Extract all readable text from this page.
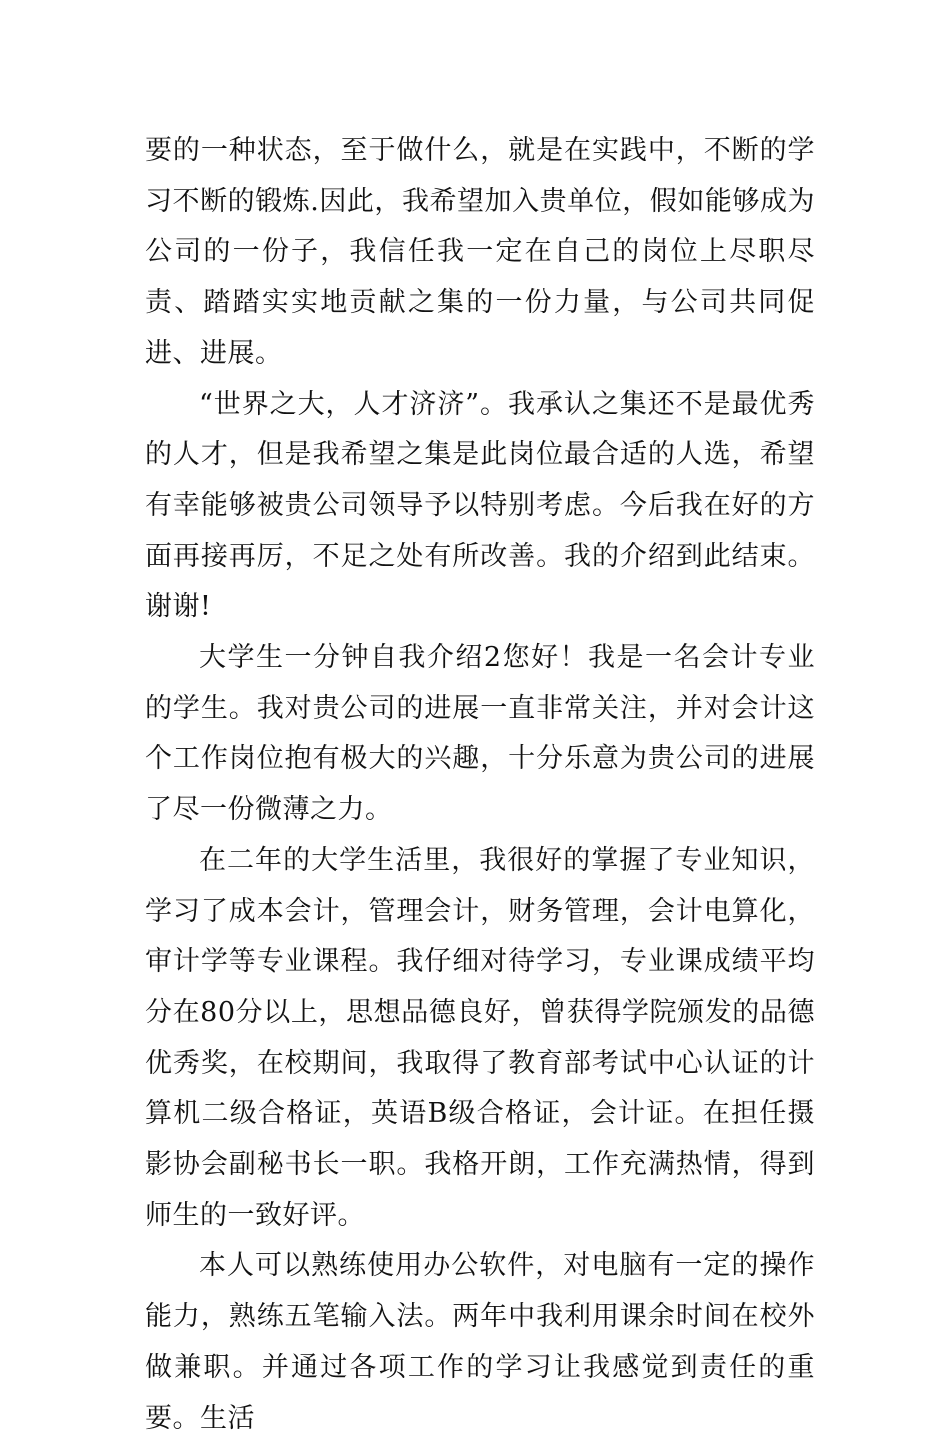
要的一种状态，至于做什么，就是在实践中，不断的学习不断的锻炼.因此，我希望加入贵单位，假如能够成为公司的一份子，我信任我一定在自己的岗位上尽职尽责、踏踏实实地贡献之集的一份力量，与公司共同促进、进展。

“世界之大，人才济济”。我承认之集还不是最优秀的人才，但是我希望之集是此岗位最合适的人选，希望有幸能够被贵公司领导予以特别考虑。今后我在好的方面再接再厉，不足之处有所改善。我的介绍到此结束。谢谢!

大学生一分钟自我介绍2您好！我是一名会计专业的学生。我对贵公司的进展一直非常关注，并对会计这个工作岗位抱有极大的兴趣，十分乐意为贵公司的进展了尽一份微薄之力。

在二年的大学生活里，我很好的掌握了专业知识，学习了成本会计，管理会计，财务管理，会计电算化，审计学等专业课程。我仔细对待学习，专业课成绩平均分在80分以上，思想品德良好，曾获得学院颁发的品德优秀奖，在校期间，我取得了教育部考试中心认证的计算机二级合格证，英语B级合格证，会计证。在担任摄影协会副秘书长一职。我格开朗，工作充满热情，得到师生的一致好评。

本人可以熟练使用办公软件，对电脑有一定的操作能力，熟练五笔输入法。两年中我利用课余时间在校外做兼职。并通过各项工作的学习让我感觉到责任的重要。生活
